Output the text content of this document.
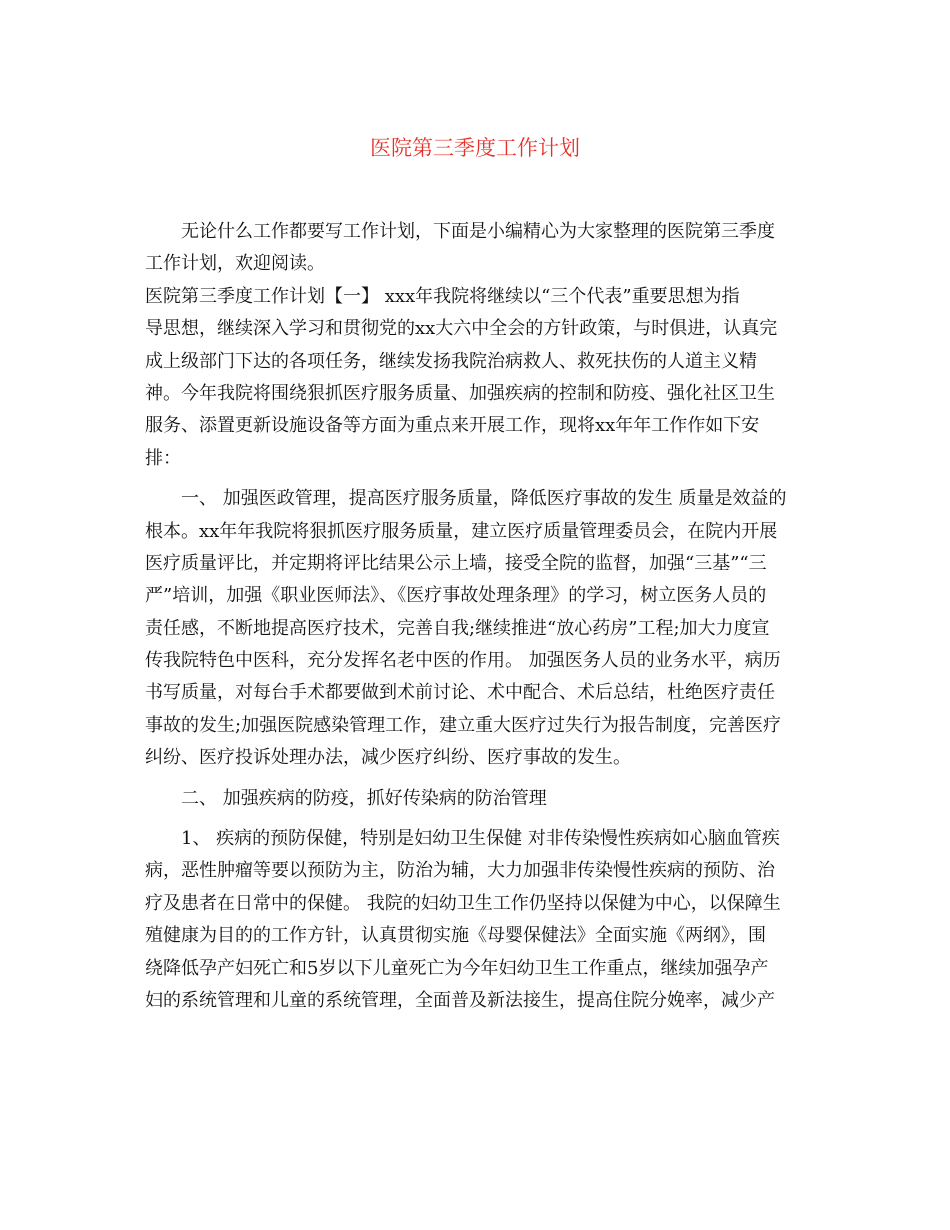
医院第三季度工作计划

无论什么工作都要写工作计划，下面是小编精心为大家整理的医院第三季度

工作计划，欢迎阅读。

医院第三季度工作计划【一】 xxx年我院将继续以“三个代表”重要思想为指

导思想，继续深入学习和贯彻党的xx大六中全会的方针政策，与时俱进，认真完

成上级部门下达的各项任务，继续发扬我院治病救人、救死扶伤的人道主义精

神。今年我院将围绕狠抓医疗服务质量、加强疾病的控制和防疫、强化社区卫生

服务、添置更新设施设备等方面为重点来开展工作，现将xx年年工作作如下安

排：

一、 加强医政管理，提高医疗服务质量，降低医疗事故的发生 质量是效益的

根本。xx年年我院将狠抓医疗服务质量，建立医疗质量管理委员会，在院内开展

医疗质量评比，并定期将评比结果公示上墙，接受全院的监督，加强“三基”“三

严”培训，加强《职业医师法》、《医疗事故处理条理》的学习，树立医务人员的

责任感，不断地提高医疗技术，完善自我;继续推进“放心药房”工程;加大力度宣

传我院特色中医科，充分发挥名老中医的作用。 加强医务人员的业务水平，病历

书写质量，对每台手术都要做到术前讨论、术中配合、术后总结，杜绝医疗责任

事故的发生;加强医院感染管理工作，建立重大医疗过失行为报告制度，完善医疗

纠纷、医疗投诉处理办法，减少医疗纠纷、医疗事故的发生。

二、 加强疾病的防疫，抓好传染病的防治管理

1、 疾病的预防保健，特别是妇幼卫生保健 对非传染慢性疾病如心脑血管疾

病，恶性肿瘤等要以预防为主，防治为辅，大力加强非传染慢性疾病的预防、治

疗及患者在日常中的保健。 我院的妇幼卫生工作仍坚持以保健为中心，以保障生

殖健康为目的的工作方针，认真贯彻实施《母婴保健法》全面实施《两纲》，围

绕降低孕产妇死亡和5岁以下儿童死亡为今年妇幼卫生工作重点，继续加强孕产

妇的系统管理和儿童的系统管理，全面普及新法接生，提高住院分娩率，减少产
